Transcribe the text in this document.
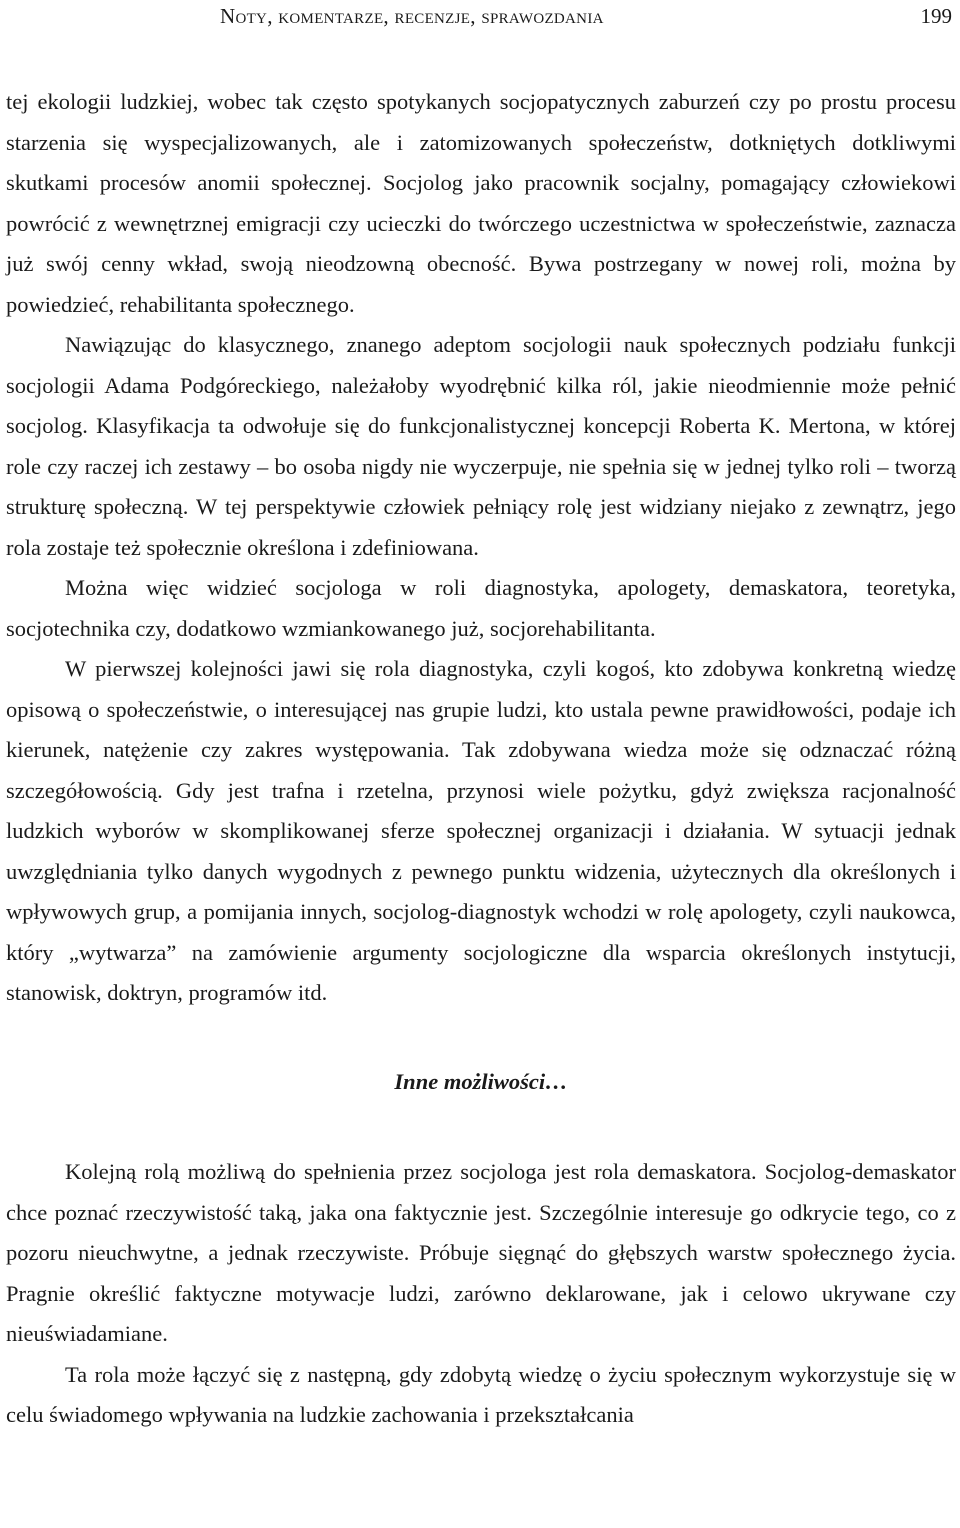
Noty, komentarze, recenzje, sprawozdania	199

tej ekologii ludzkiej, wobec tak często spotykanych socjopatycznych zaburzeń czy po prostu procesu starzenia się wyspecjalizowanych, ale i zatomizowanych społeczeństw, dotkniętych dotkliwymi skutkami procesów anomii społecznej. Socjolog jako pracownik socjalny, pomagający człowiekowi powrócić z wewnętrznej emigracji czy ucieczki do twórczego uczestnictwa w społeczeństwie, zaznacza już swój cenny wkład, swoją nieodzowną obecność. Bywa postrzegany w nowej roli, można by powiedzieć, rehabilitanta społecznego.

Nawiązując do klasycznego, znanego adeptom socjologii nauk społecznych podziału funkcji socjologii Adama Podgóreckiego, należałoby wyodrębnić kilka ról, jakie nieodmiennie może pełnić socjolog. Klasyfikacja ta odwołuje się do funkcjonalistycznej koncepcji Roberta K. Mertona, w której role czy raczej ich zestawy – bo osoba nigdy nie wyczerpuje, nie spełnia się w jednej tylko roli – tworzą strukturę społeczną. W tej perspektywie człowiek pełniący rolę jest widziany niejako z zewnątrz, jego rola zostaje też społecznie określona i zdefiniowana.

Można więc widzieć socjologa w roli diagnostyka, apologety, demaskatora, teoretyka, socjotechnika czy, dodatkowo wzmiankowanego już, socjorehabilitanta.

W pierwszej kolejności jawi się rola diagnostyka, czyli kogoś, kto zdobywa konkretną wiedzę opisową o społeczeństwie, o interesującej nas grupie ludzi, kto ustala pewne prawidłowości, podaje ich kierunek, natężenie czy zakres występowania. Tak zdobywana wiedza może się odznaczać różną szczegółowością. Gdy jest trafna i rzetelna, przynosi wiele pożytku, gdyż zwiększa racjonalność ludzkich wyborów w skomplikowanej sferze społecznej organizacji i działania. W sytuacji jednak uwzględniania tylko danych wygodnych z pewnego punktu widzenia, użytecznych dla określonych i wpływowych grup, a pomijania innych, socjolog-diagnostyk wchodzi w rolę apologety, czyli naukowca, który „wytwarza” na zamówienie argumenty socjologiczne dla wsparcia określonych instytucji, stanowisk, doktryn, programów itd.

Inne możliwości…

Kolejną rolą możliwą do spełnienia przez socjologa jest rola demaskatora. Socjolog-demaskator chce poznać rzeczywistość taką, jaka ona faktycznie jest. Szczególnie interesuje go odkrycie tego, co z pozoru nieuchwytne, a jednak rzeczywiste. Próbuje sięgnąć do głębszych warstw społecznego życia. Pragnie określić faktyczne motywacje ludzi, zarówno deklarowane, jak i celowo ukrywane czy nieuświadamiane.

Ta rola może łączyć się z następną, gdy zdobytą wiedzę o życiu społecznym wykorzystuje się w celu świadomego wpływania na ludzkie zachowania i przekształcania
